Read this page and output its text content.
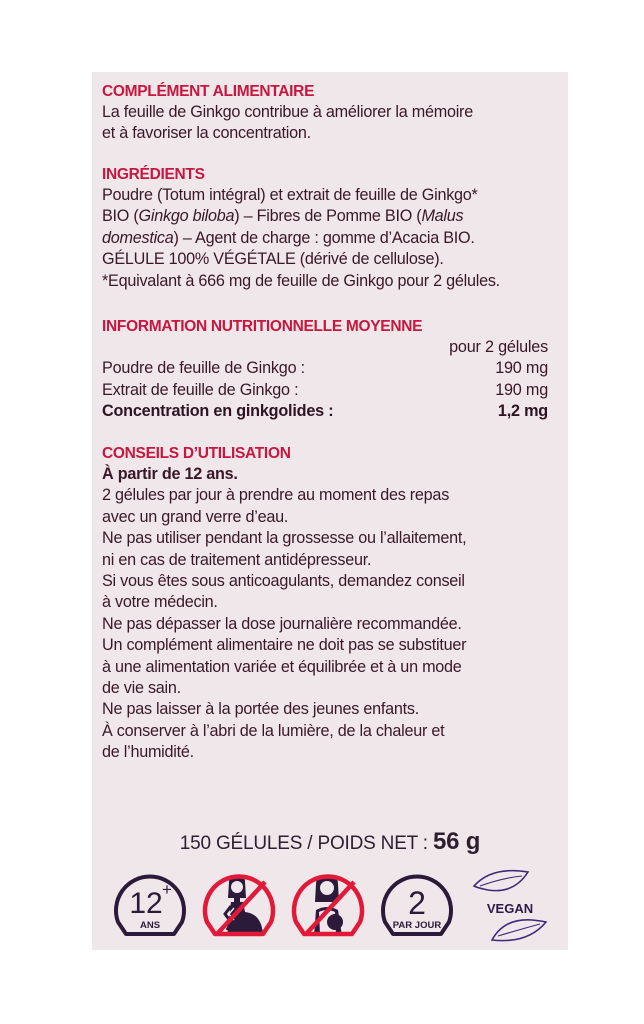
COMPLÉMENT ALIMENTAIRE
La feuille de Ginkgo contribue à améliorer la mémoire
et à favoriser la concentration.
INGRÉDIENTS
Poudre (Totum intégral) et extrait de feuille de Ginkgo*
BIO (Ginkgo biloba) – Fibres de Pomme BIO (Malus
domestica) – Agent de charge : gomme d’Acacia BIO.
GÉLULE 100% VÉGÉTALE (dérivé de cellulose).
*Equivalant à 666 mg de feuille de Ginkgo pour 2 gélules.
INFORMATION NUTRITIONNELLE MOYENNE
pour 2 gélules
Poudre de feuille de Ginkgo :	190 mg
Extrait de feuille de Ginkgo :	190 mg
Concentration en ginkgolides :	1,2 mg
CONSEILS D’UTILISATION
À partir de 12 ans.
2 gélules par jour à prendre au moment des repas
avec un grand verre d’eau.
Ne pas utiliser pendant la grossesse ou l’allaitement,
ni en cas de traitement antidépresseur.
Si vous êtes sous anticoagulants, demandez conseil
à votre médecin.
Ne pas dépasser la dose journalière recommandée.
Un complément alimentaire ne doit pas se substituer
à une alimentation variée et équilibrée et à un mode
de vie sain.
Ne pas laisser à la portée des jeunes enfants.
À conserver à l’abri de la lumière, de la chaleur et
de l’humidité.
150 GÉLULES / POIDS NET : 56 g
12 +
ANS
2
PAR JOUR
VEGAN
